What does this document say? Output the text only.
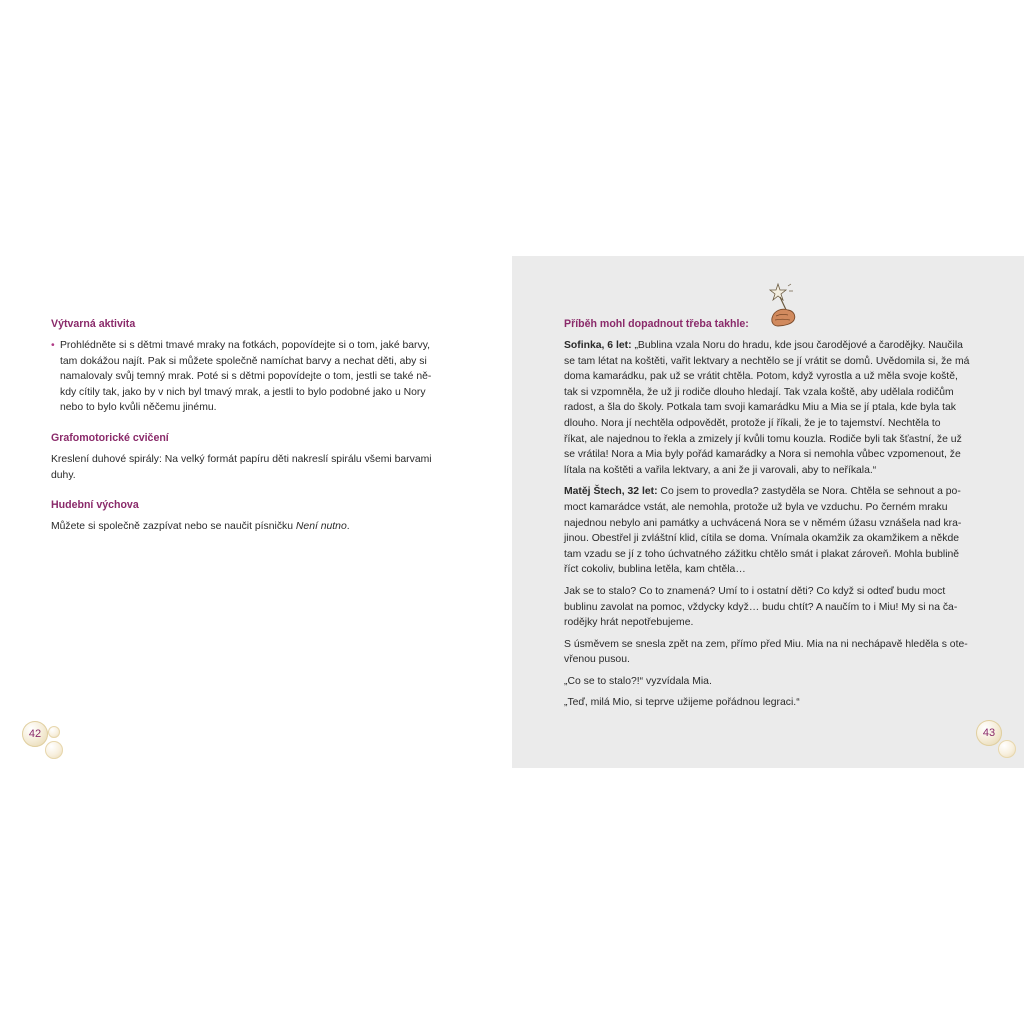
Výtvarná aktivita
• Prohlédněte si s dětmi tmavé mraky na fotkách, popovídejte si o tom, jaké barvy,
tam dokážou najít. Pak si můžete společně namíchat barvy a nechat děti, aby si
namalovaly svůj temný mrak. Poté si s dětmi popovídejte o tom, jestli se také ně-
kdy cítily tak, jako by v nich byl tmavý mrak, a jestli to bylo podobné jako u Nory
nebo to bylo kvůli něčemu jinému.
Grafomotorické cvičení
Kreslení duhové spirály: Na velký formát papíru děti nakreslí spirálu všemi barvami
duhy.
Hudební výchova
Můžete si společně zazpívat nebo se naučit písničku Není nutno.
42
Příběh mohl dopadnout třeba takhle:

Sofinka, 6 let: „Bublina vzala Noru do hradu, kde jsou čarodějové a čarodějky. Naučila
se tam létat na koštěti, vařit lektvary a nechtělo se jí vrátit se domů. Uvědomila si, že má
doma kamarádku, pak už se vrátit chtěla. Potom, když vyrostla a už měla svoje koště,
tak si vzpomněla, že už ji rodiče dlouho hledají. Tak vzala koště, aby udělala rodičům
radost, a šla do školy. Potkala tam svoji kamarádku Miu a Mia se jí ptala, kde byla tak
dlouho. Nora jí nechtěla odpovědět, protože jí říkali, že je to tajemství. Nechtěla to
říkat, ale najednou to řekla a zmizely jí kvůli tomu kouzla. Rodiče byli tak šťastní, že už
se vrátila! Nora a Mia byly pořád kamarádky a Nora si nemohla vůbec vzpomenout, že
lítala na koštěti a vařila lektvary, a ani že ji varovali, aby to neříkala.“

Matěj Štech, 32 let: Co jsem to provedla? zastyděla se Nora. Chtěla se sehnout a po-
moct kamarádce vstát, ale nemohla, protože už byla ve vzduchu. Po černém mraku
najednou nebylo ani památky a uchvácená Nora se v němém úžasu vznášela nad kra-
jinou. Obestřel ji zvláštní klid, cítila se doma. Vnímala okamžik za okamžikem a někde
tam vzadu se jí z toho úchvatného zážitku chtělo smát i plakat zároveň. Mohla bublině
říct cokoliv, bublina letěla, kam chtěla…

Jak se to stalo? Co to znamená? Umí to i ostatní děti? Co když si odteď budu moct
bublinu zavolat na pomoc, vždycky když… budu chtít? A naučím to i Miu! My si na ča-
rodějky hrát nepotřebujeme.

S úsměvem se snesla zpět na zem, přímo před Miu. Mia na ni nechápavě hleděla s ote-
vřenou pusou.

„Co se to stalo?!“ vyzvídala Mia.

„Teď, milá Mio, si teprve užijeme pořádnou legraci.“

43
